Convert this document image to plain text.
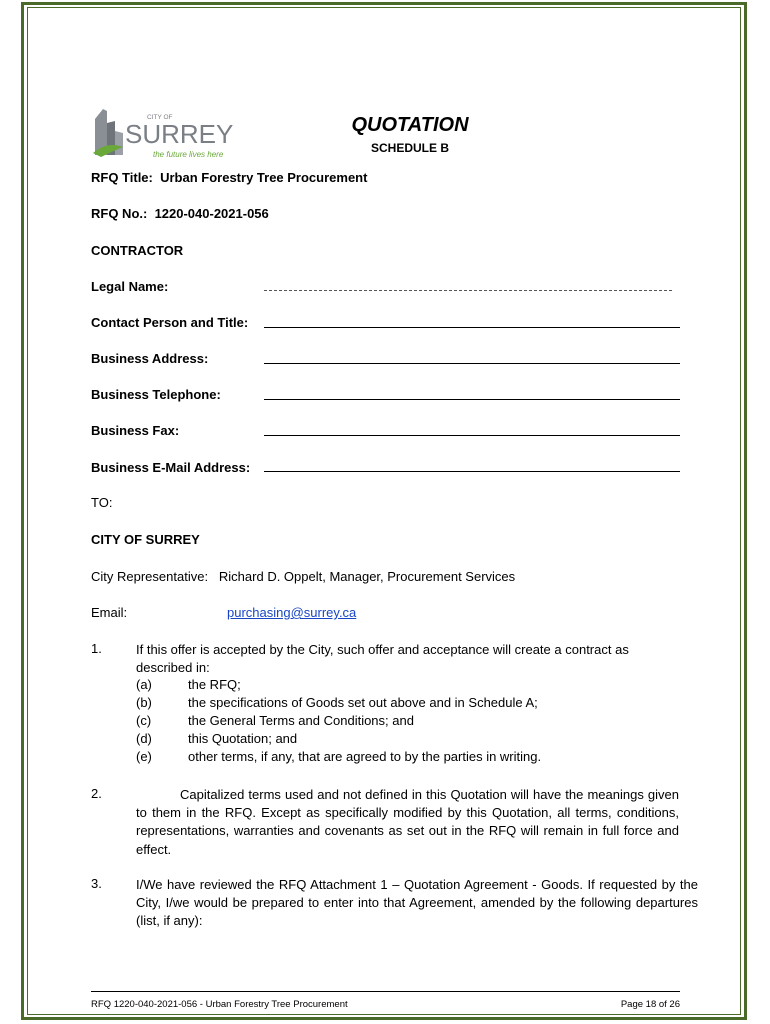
CITY OF
SURREY
the future lives here
QUOTATION
SCHEDULE B
RFQ Title: Urban Forestry Tree Procurement
RFQ No.: 1220-040-2021-056
CONTRACTOR
Legal Name:
Contact Person and Title:
Business Address:
Business Telephone:
Business Fax:
Business E-Mail Address:
TO:
CITY OF SURREY
City Representative: Richard D. Oppelt, Manager, Procurement Services
Email:	purchasing@surrey.ca
1.	If this offer is accepted by the City, such offer and acceptance will create a contract as described in:
(a)	the RFQ;
(b)	the specifications of Goods set out above and in Schedule A;
(c)	the General Terms and Conditions; and
(d)	this Quotation; and
(e)	other terms, if any, that are agreed to by the parties in writing.
2.	Capitalized terms used and not defined in this Quotation will have the meanings given to them in the RFQ. Except as specifically modified by this Quotation, all terms, conditions, representations, warranties and covenants as set out in the RFQ will remain in full force and effect.
3.	I/We have reviewed the RFQ Attachment 1 – Quotation Agreement - Goods. If requested by the City, I/we would be prepared to enter into that Agreement, amended by the following departures (list, if any):
RFQ 1220-040-2021-056 - Urban Forestry Tree Procurement	Page 18 of 26
